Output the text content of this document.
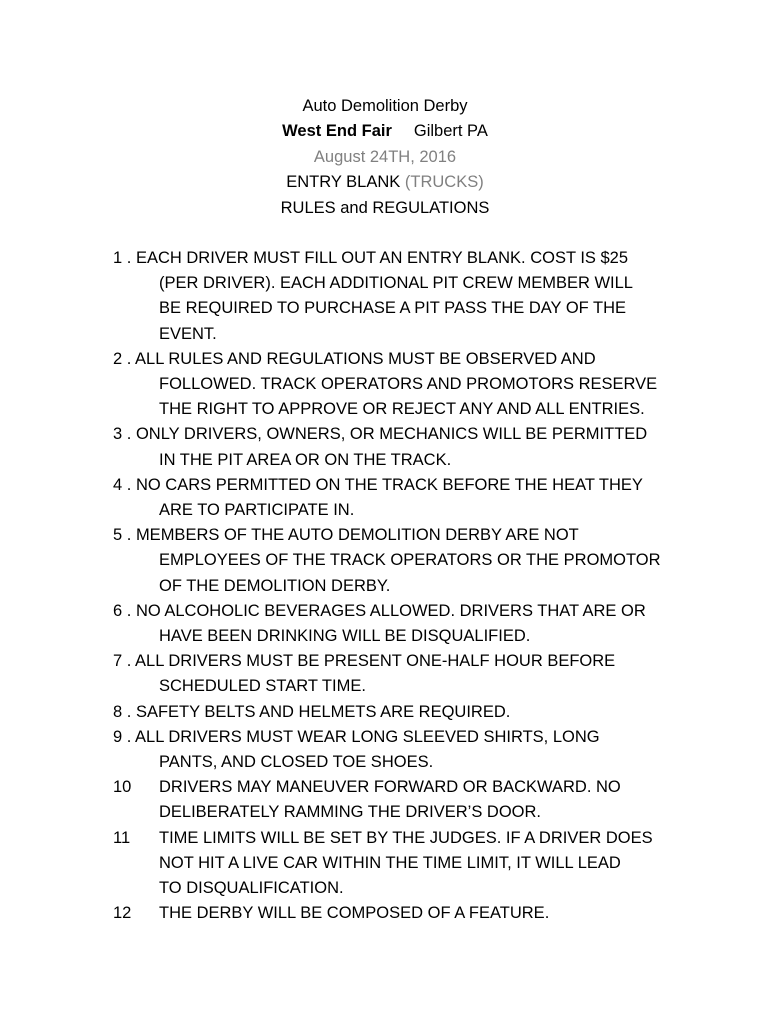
Auto Demolition Derby
West End Fair Gilbert PA
August 24TH, 2016
ENTRY BLANK (TRUCKS)
RULES and REGULATIONS
1 . EACH DRIVER MUST FILL OUT AN ENTRY BLANK. COST IS $25
(PER DRIVER). EACH ADDITIONAL PIT CREW MEMBER WILL
BE REQUIRED TO PURCHASE A PIT PASS THE DAY OF THE
EVENT.
2 . ALL RULES AND REGULATIONS MUST BE OBSERVED AND
FOLLOWED. TRACK OPERATORS AND PROMOTORS RESERVE
THE RIGHT TO APPROVE OR REJECT ANY AND ALL ENTRIES.
3 . ONLY DRIVERS, OWNERS, OR MECHANICS WILL BE PERMITTED
IN THE PIT AREA OR ON THE TRACK.
4 . NO CARS PERMITTED ON THE TRACK BEFORE THE HEAT THEY
ARE TO PARTICIPATE IN.
5 . MEMBERS OF THE AUTO DEMOLITION DERBY ARE NOT
EMPLOYEES OF THE TRACK OPERATORS OR THE PROMOTOR
OF THE DEMOLITION DERBY.
6 . NO ALCOHOLIC BEVERAGES ALLOWED. DRIVERS THAT ARE OR
HAVE BEEN DRINKING WILL BE DISQUALIFIED.
7 . ALL DRIVERS MUST BE PRESENT ONE-HALF HOUR BEFORE
SCHEDULED START TIME.
8 . SAFETY BELTS AND HELMETS ARE REQUIRED.
9 . ALL DRIVERS MUST WEAR LONG SLEEVED SHIRTS, LONG
PANTS, AND CLOSED TOE SHOES.
10 DRIVERS MAY MANEUVER FORWARD OR BACKWARD. NO
DELIBERATELY RAMMING THE DRIVER’S DOOR.
11 TIME LIMITS WILL BE SET BY THE JUDGES. IF A DRIVER DOES
NOT HIT A LIVE CAR WITHIN THE TIME LIMIT, IT WILL LEAD
TO DISQUALIFICATION.
12 THE DERBY WILL BE COMPOSED OF A FEATURE.
